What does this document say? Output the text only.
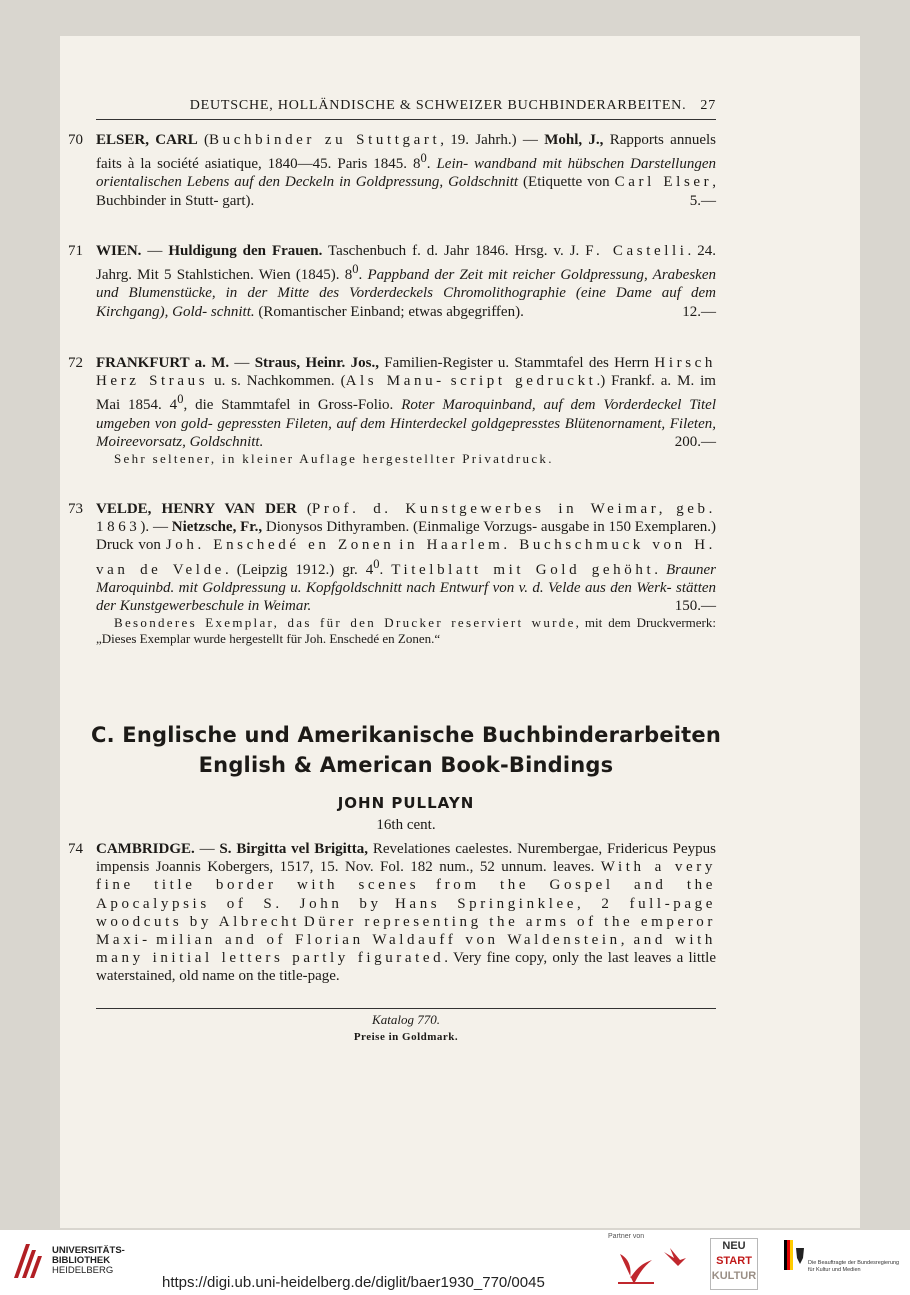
DEUTSCHE, HOLLÄNDISCHE & SCHWEIZER BUCHBINDERARBEITEN. 27
70 ELSER, CARL (Buchbinder zu Stuttgart, 19. Jahrh.) — Mohl, J., Rapports annuels faits à la société asiatique, 1840—45. Paris 1845. $8^0$. Lein- wandband mit hübschen Darstellungen orientalischen Lebens auf den Deckeln in Goldpressung, Goldschnitt (Etiquette von Carl Elser, Buchbinder in Stutt- gart).	5.—

71 WIEN. — Huldigung den Frauen. Taschenbuch f. d. Jahr 1846. Hrsg. v. J. F. Castelli. 24. Jahrg. Mit 5 Stahlstichen. Wien (1845). $8^0$. Pappband der Zeit mit reicher Goldpressung, Arabesken und Blumenstücke, in der Mitte des Vorderdeckels Chromolithographie (eine Dame auf dem Kirchgang), Gold- schnitt. (Romantischer Einband; etwas abgegriffen).	12.—

72 FRANKFURT a. M. — Straus, Heinr. Jos., Familien-Register u. Stammtafel des Herrn Hirsch Herz Straus u. s. Nachkommen. (Als Manu- script gedruckt.) Frankf. a. M. im Mai 1854. $4^0$, die Stammtafel in Gross-Folio. Roter Maroquinband, auf dem Vorderdeckel Titel umgeben von gold- gepressten Fileten, auf dem Hinterdeckel goldgepresstes Blütenornament, Fileten, Moireevorsatz, Goldschnitt.	200.—

Sehr seltener, in kleiner Auflage hergestellter Privatdruck.

73 VELDE, HENRY VAN DER (Prof. d. Kunstgewerbes in Weimar, geb. 1863). — Nietzsche, Fr., Dionysos Dithyramben. (Einmalige Vorzugs- ausgabe in 150 Exemplaren.) Druck von Joh. Enschedé en Zonen in Haarlem. Buchschmuck von H. van de Velde. (Leipzig 1912.) gr. $4^0$. Titelblatt mit Gold gehöht. Brauner Maroquinbd. mit Goldpressung u. Kopfgoldschnitt nach Entwurf von v. d. Velde aus den Werk- stätten der Kunstgewerbeschule in Weimar.	150.—

Besonderes Exemplar, das für den Drucker reserviert wurde, mit dem Druckvermerk: „Dieses Exemplar wurde hergestellt für Joh. Enschedé en Zonen.“

C. Englische und Amerikanische Buchbinderarbeiten
English & American Book-Bindings
JOHN PULLAYN
16th cent.
74 CAMBRIDGE. — S. Birgitta vel Brigitta, Revelationes caelestes. Nurembergae, Fridericus Peypus impensis Joannis Kobergers, 1517, 15. Nov. Fol. 182 num., 52 unnum. leaves. With a very fine title border with scenes from the Gospel and the Apocalypsis of S. John by Hans Springinklee, 2 full-page woodcuts by Albrecht Dürer representing the arms of the emperor Maxi- milian and of Florian Waldauff von Waldenstein, and with many initial letters partly figurated. Very fine copy, only the last leaves a little waterstained, old name on the title-page.

Katalog 770.
Preise in Goldmark.
UNIVERSITÄTS-
BIBLIOTHEK
HEIDELBERG
https://digi.ub.uni-heidelberg.de/diglit/baer1930_770/0045
Partner von
NEU
START
KULTUR
Die Beauftragte der Bundesregierung für Kultur und Medien
